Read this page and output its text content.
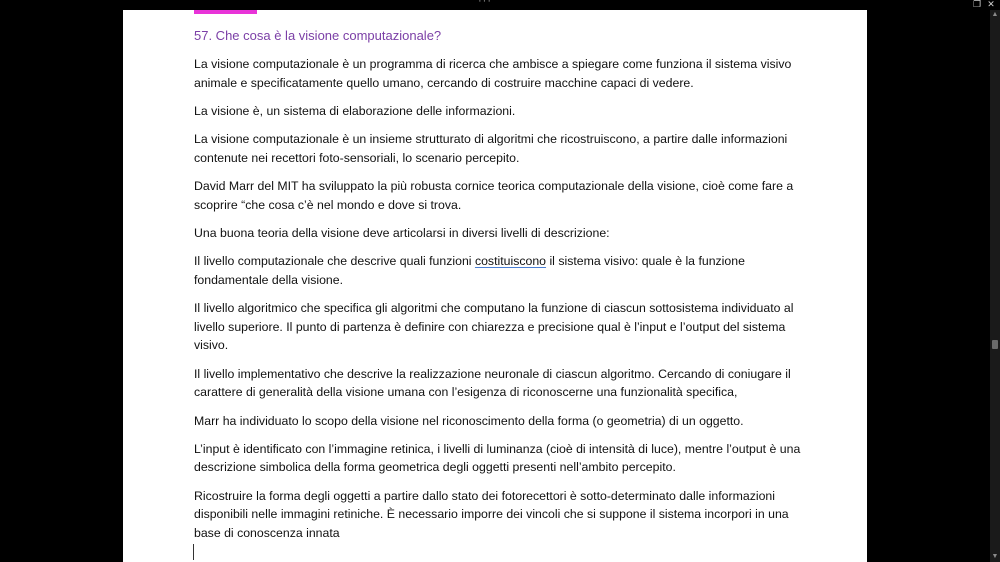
···	❐ ✕
57. Che cosa è la visione computazionale?

La visione computazionale è un programma di ricerca che ambisce a spiegare come funziona il sistema visivo animale e specificatamente quello umano, cercando di costruire macchine capaci di vedere.

La visione è, un sistema di elaborazione delle informazioni.

La visione computazionale è un insieme strutturato di algoritmi che ricostruiscono, a partire dalle informazioni contenute nei recettori foto-sensoriali, lo scenario percepito.

David Marr del MIT ha sviluppato la più robusta cornice teorica computazionale della visione, cioè come fare a scoprire “che cosa c’è nel mondo e dove si trova.

Una buona teoria della visione deve articolarsi in diversi livelli di descrizione:

Il livello computazionale che descrive quali funzioni costituiscono il sistema visivo: quale è la funzione fondamentale della visione.

Il livello algoritmico che specifica gli algoritmi che computano la funzione di ciascun sottosistema individuato al livello superiore. Il punto di partenza è definire con chiarezza e precisione qual è l’input e l’output del sistema visivo.

Il livello implementativo che descrive la realizzazione neuronale di ciascun algoritmo. Cercando di coniugare il carattere di generalità della visione umana con l’esigenza di riconoscerne una funzionalità specifica,

Marr ha individuato lo scopo della visione nel riconoscimento della forma (o geometria) di un oggetto.

L’input è identificato con l’immagine retinica, i livelli di luminanza (cioè di intensità di luce), mentre l’output è una descrizione simbolica della forma geometrica degli oggetti presenti nell’ambito percepito.

Ricostruire la forma degli oggetti a partire dallo stato dei fotorecettori è sotto-determinato dalle informazioni disponibili nelle immagini retiniche. È necessario imporre dei vincoli che si suppone il sistema incorpori in una base di conoscenza innata

▲
▼
